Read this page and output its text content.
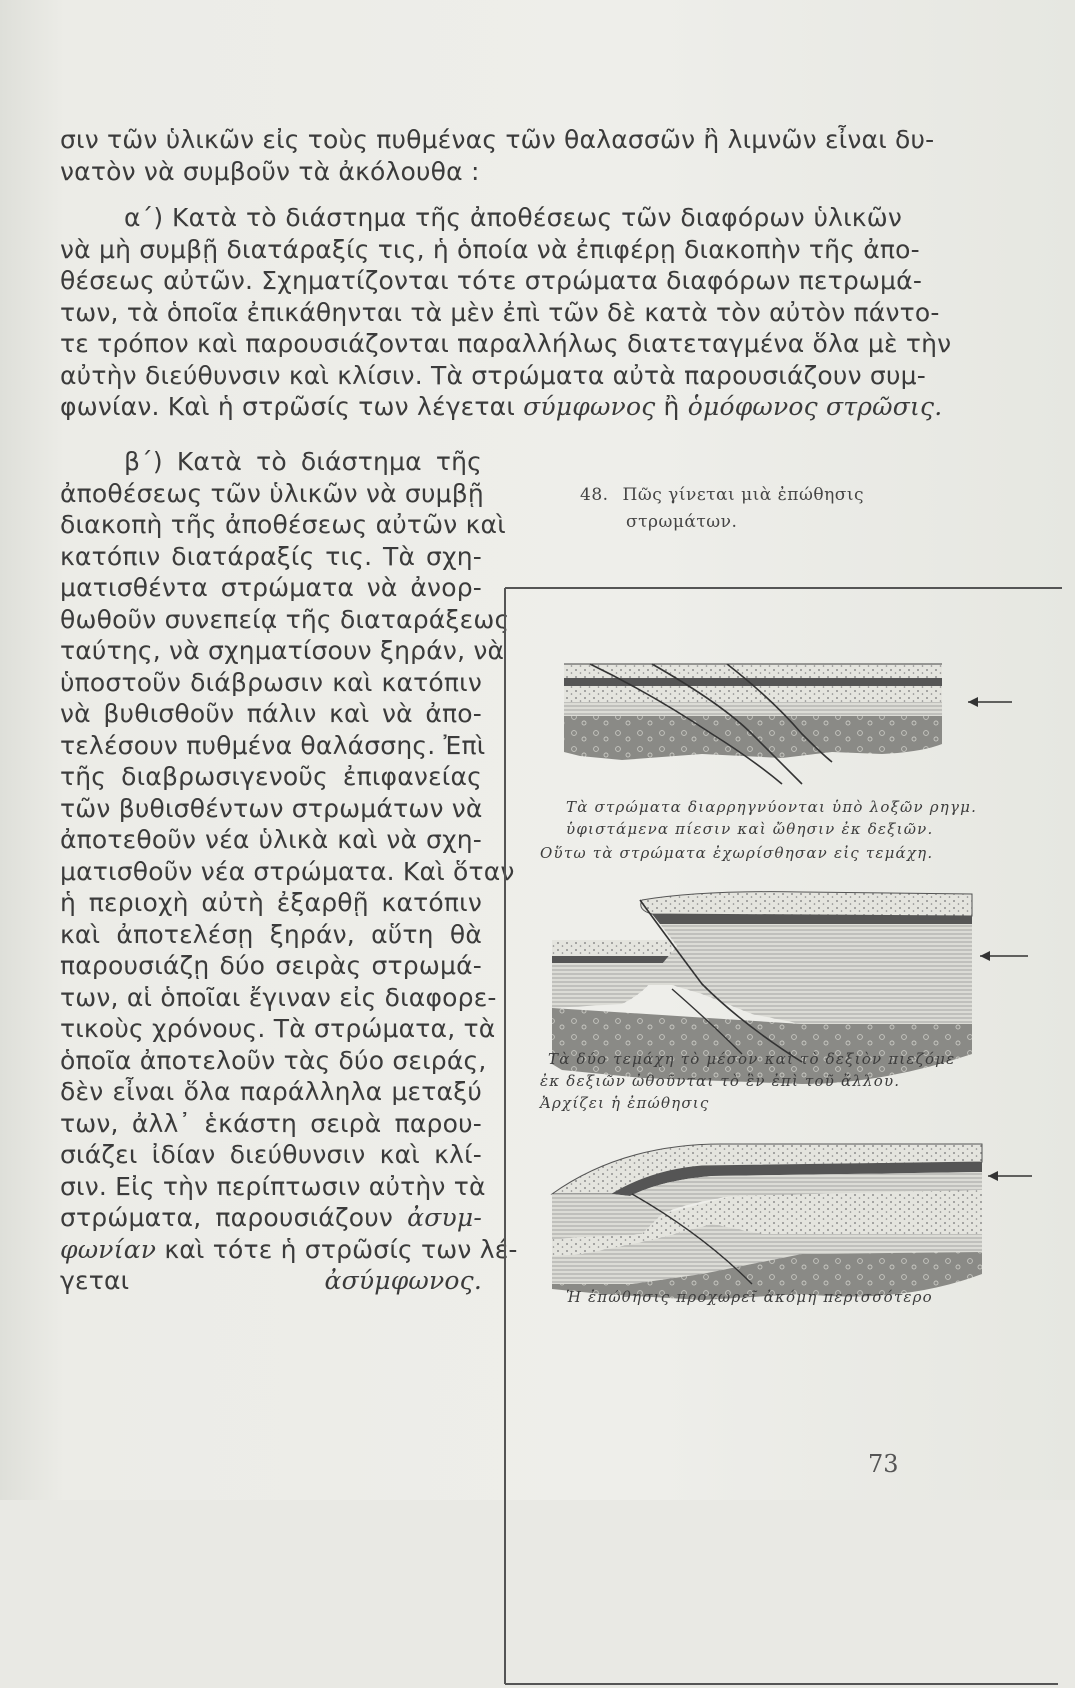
σιν τῶν ὑλικῶν εἰς τοὺς πυθμένας τῶν θαλασσῶν ἢ λιμνῶν εἶναι δυ-
νατὸν νὰ συμβοῦν τὰ ἀκόλουθα :
α΄) Κατὰ τὸ διάστημα τῆς ἀποθέσεως τῶν διαφόρων ὑλικῶν
νὰ μὴ συμβῇ διατάραξίς τις, ἡ ὁποία νὰ ἐπιφέρῃ διακοπὴν τῆς ἀπο-
θέσεως αὐτῶν. Σχηματίζονται τότε στρώματα διαφόρων πετρωμά-
των, τὰ ὁποῖα ἐπικάθηνται τὰ μὲν ἐπὶ τῶν δὲ κατὰ τὸν αὐτὸν πάντο-
τε τρόπον καὶ παρουσιάζονται παραλλήλως διατεταγμένα ὅλα μὲ τὴν
αὐτὴν διεύθυνσιν καὶ κλίσιν. Τὰ στρώματα αὐτὰ παρουσιάζουν συμ-
φωνίαν. Καὶ ἡ στρῶσίς των λέγεται σύμφωνος ἢ ὁμόφωνος στρῶσις.
β΄) Κατὰ τὸ διάστημα τῆς
ἀποθέσεως τῶν ὑλικῶν νὰ συμβῇ
διακοπὴ τῆς ἀποθέσεως αὐτῶν καὶ
κατόπιν διατάραξίς τις. Τὰ σχη-
ματισθέντα στρώματα νὰ ἀνορ-
θωθοῦν συνεπείᾳ τῆς διαταράξεως
ταύτης, νὰ σχηματίσουν ξηράν, νὰ
ὑποστοῦν διάβρωσιν καὶ κατόπιν
νὰ βυθισθοῦν πάλιν καὶ νὰ ἀπο-
τελέσουν πυθμένα θαλάσσης. Ἐπὶ
τῆς διαβρωσιγενοῦς ἐπιφανείας
τῶν βυθισθέντων στρωμάτων νὰ
ἀποτεθοῦν νέα ὑλικὰ καὶ νὰ σχη-
ματισθοῦν νέα στρώματα. Καὶ ὅταν
ἡ περιοχὴ αὐτὴ ἐξαρθῇ κατόπιν
καὶ ἀποτελέσῃ ξηράν, αὕτη θὰ
παρουσιάζῃ δύο σειρὰς στρωμά-
των, αἱ ὁποῖαι ἔγιναν εἰς διαφορε-
τικοὺς χρόνους. Τὰ στρώματα, τὰ
ὁποῖα ἀποτελοῦν τὰς δύο σειράς,
δὲν εἶναι ὅλα παράλληλα μεταξύ
των, ἀλλ᾽ ἑκάστη σειρὰ παρου-
σιάζει ἰδίαν διεύθυνσιν καὶ κλί-
σιν. Εἰς τὴν περίπτωσιν αὐτὴν τὰ
στρώματα, παρουσιάζουν ἀσυμ-
φωνίαν καὶ τότε ἡ στρῶσίς των λέ-
γεται ἀσύμφωνος.
48. Πῶς γίνεται μιὰ ἐπώθησις
στρωμάτων.
Τὰ στρώματα διαρρηγνύονται ὑπὸ λοξῶν ρηγμ.
ὑφιστάμενα πίεσιν καὶ ὤθησιν ἐκ δεξιῶν.
Οὕτω τὰ στρώματα ἐχωρίσθησαν εἰς τεμάχη.
Τὰ δύο τεμάχη τὸ μέσον καὶ τὸ δεξιὸν πιεζόμε
ἐκ δεξιῶν ὠθοῦνται τὸ ἓν ἐπὶ τοῦ ἄλλου.
Ἀρχίζει ἡ ἐπώθησις
Ἡ ἐπώθησις προχωρεῖ ἀκόμη περισσότερο
73
